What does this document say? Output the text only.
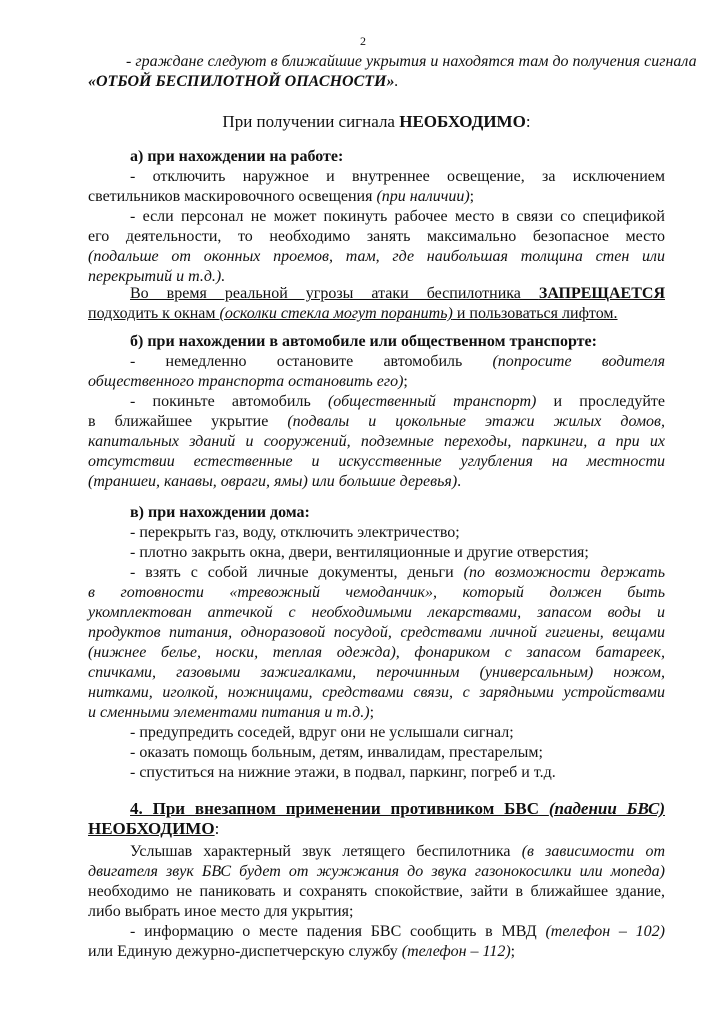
2
- граждане следуют в ближайшие укрытия и находятся там до получения сигнала
«ОТБОЙ БЕСПИЛОТНОЙ ОПАСНОСТИ».
При получении сигнала НЕОБХОДИМО:
а) при нахождении на работе:
- отключить наружное и внутреннее освещение, за исключением
светильников маскировочного освещения (при наличии);
- если персонал не может покинуть рабочее место в связи со спецификой
его деятельности, то необходимо занять максимально безопасное место
(подальше от оконных проемов, там, где наибольшая толщина стен или
перекрытий и т.д.).
Во время реальной угрозы атаки беспилотника ЗАПРЕЩАЕТСЯ
подходить к окнам (осколки стекла могут поранить) и пользоваться лифтом.
б) при нахождении в автомобиле или общественном транспорте:
- немедленно остановите автомобиль (попросите водителя
общественного транспорта остановить его);
- покиньте автомобиль (общественный транспорт) и проследуйте
в ближайшее укрытие (подвалы и цокольные этажи жилых домов,
капитальных зданий и сооружений, подземные переходы, паркинги, а при их
отсутствии естественные и искусственные углубления на местности
(траншеи, канавы, овраги, ямы) или большие деревья).
в) при нахождении дома:
- перекрыть газ, воду, отключить электричество;
- плотно закрыть окна, двери, вентиляционные и другие отверстия;
- взять с собой личные документы, деньги (по возможности держать
в готовности «тревожный чемоданчик», который должен быть
укомплектован аптечкой с необходимыми лекарствами, запасом воды и
продуктов питания, одноразовой посудой, средствами личной гигиены, вещами
(нижнее белье, носки, теплая одежда), фонариком с запасом батареек,
спичками, газовыми зажигалками, перочинным (универсальным) ножом,
нитками, иголкой, ножницами, средствами связи, с зарядными устройствами
и сменными элементами питания и т.д.);
- предупредить соседей, вдруг они не услышали сигнал;
- оказать помощь больным, детям, инвалидам, престарелым;
- спуститься на нижние этажи, в подвал, паркинг, погреб и т.д.
4. При внезапном применении противником БВС (падении БВС)
НЕОБХОДИМО:
Услышав характерный звук летящего беспилотника (в зависимости от
двигателя звук БВС будет от жужжания до звука газонокосилки или мопеда)
необходимо не паниковать и сохранять спокойствие, зайти в ближайшее здание,
либо выбрать иное место для укрытия;
- информацию о месте падения БВС сообщить в МВД (телефон – 102)
или Единую дежурно-диспетчерскую службу (телефон – 112);
